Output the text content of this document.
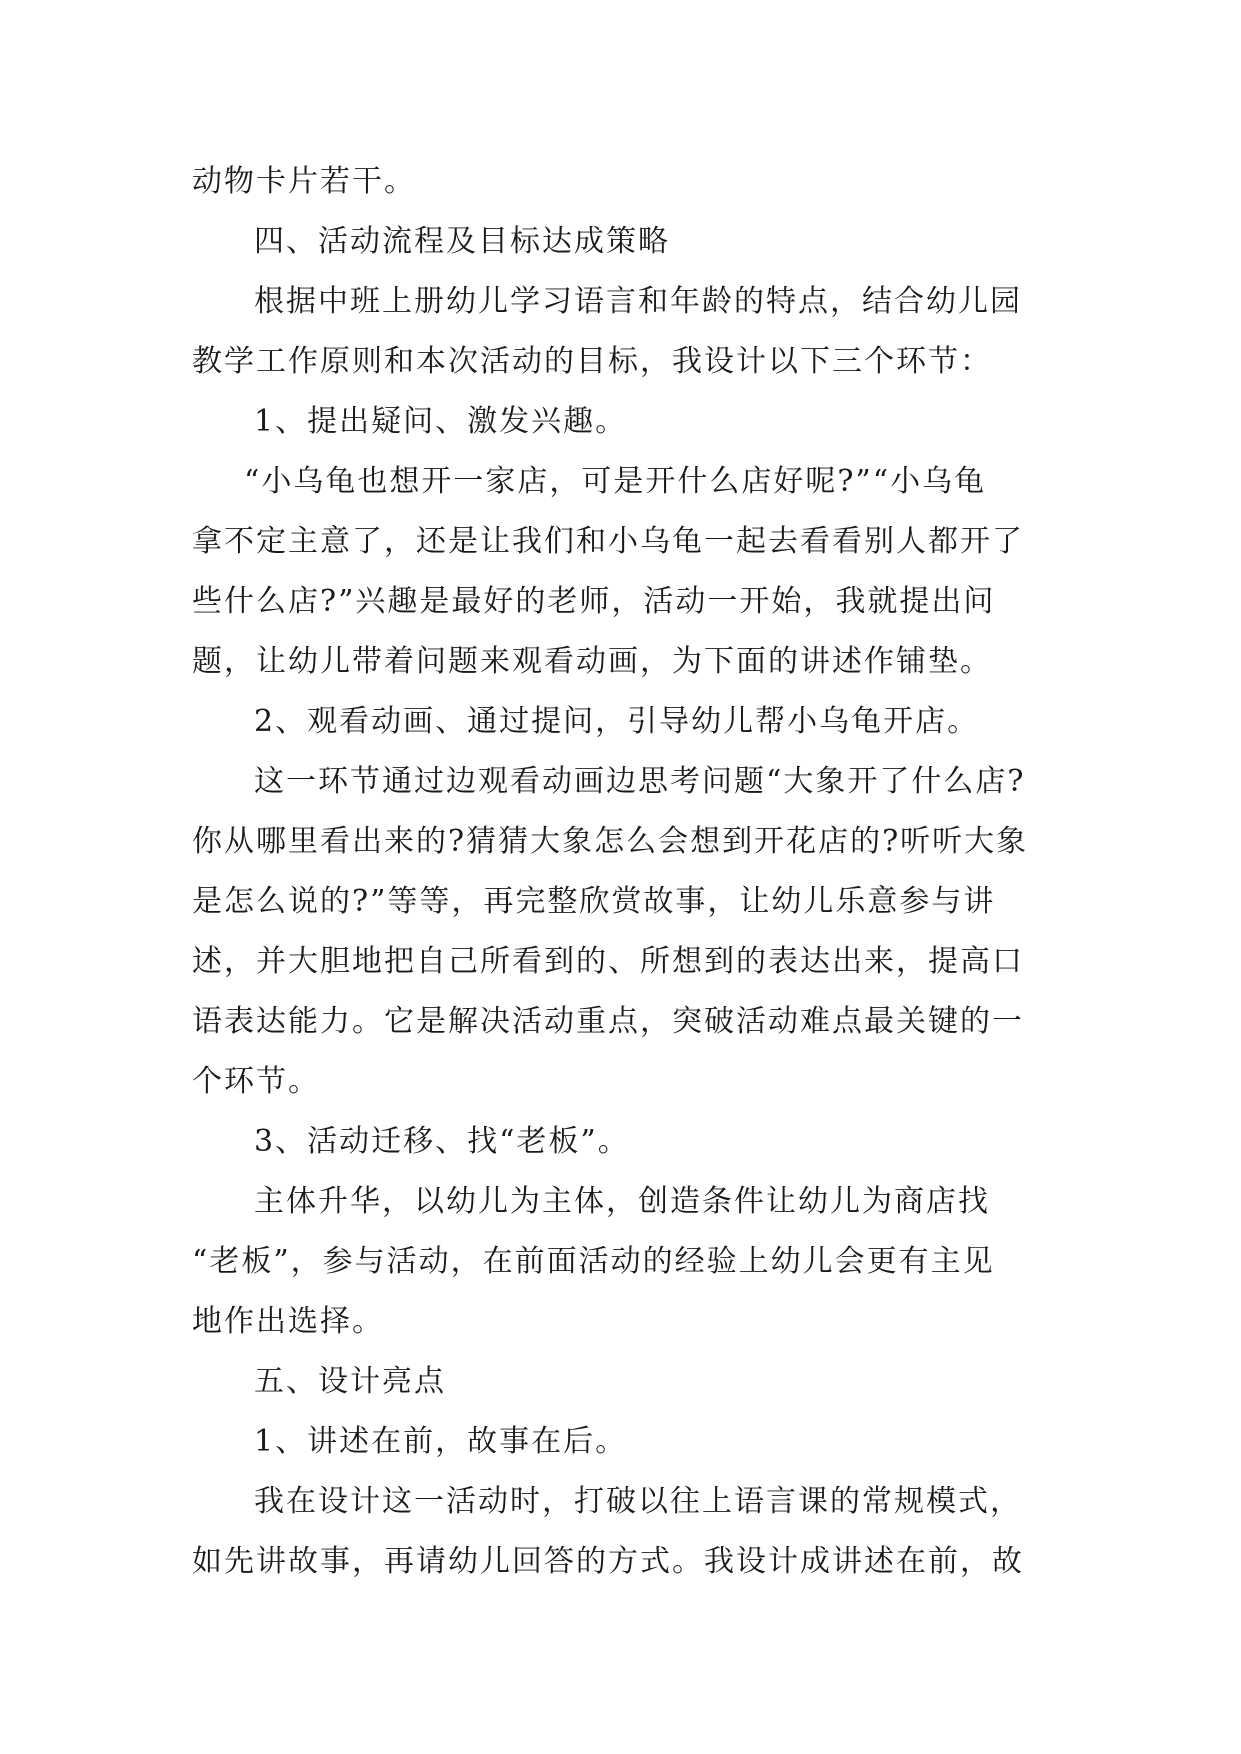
动物卡片若干。
四、活动流程及目标达成策略
根据中班上册幼儿学习语言和年龄的特点，结合幼儿园
教学工作原则和本次活动的目标，我设计以下三个环节：
1、提出疑问、激发兴趣。
“小乌龟也想开一家店，可是开什么店好呢?”“小乌龟
拿不定主意了，还是让我们和小乌龟一起去看看别人都开了
些什么店?”兴趣是最好的老师，活动一开始，我就提出问
题，让幼儿带着问题来观看动画，为下面的讲述作铺垫。
2、观看动画、通过提问，引导幼儿帮小乌龟开店。
这一环节通过边观看动画边思考问题“大象开了什么店?
你从哪里看出来的?猜猜大象怎么会想到开花店的?听听大象
是怎么说的?”等等，再完整欣赏故事，让幼儿乐意参与讲
述，并大胆地把自己所看到的、所想到的表达出来，提高口
语表达能力。它是解决活动重点，突破活动难点最关键的一
个环节。
3、活动迁移、找“老板”。
主体升华，以幼儿为主体，创造条件让幼儿为商店找
“老板”，参与活动，在前面活动的经验上幼儿会更有主见
地作出选择。
五、设计亮点
1、讲述在前，故事在后。
我在设计这一活动时，打破以往上语言课的常规模式，
如先讲故事，再请幼儿回答的方式。我设计成讲述在前，故
